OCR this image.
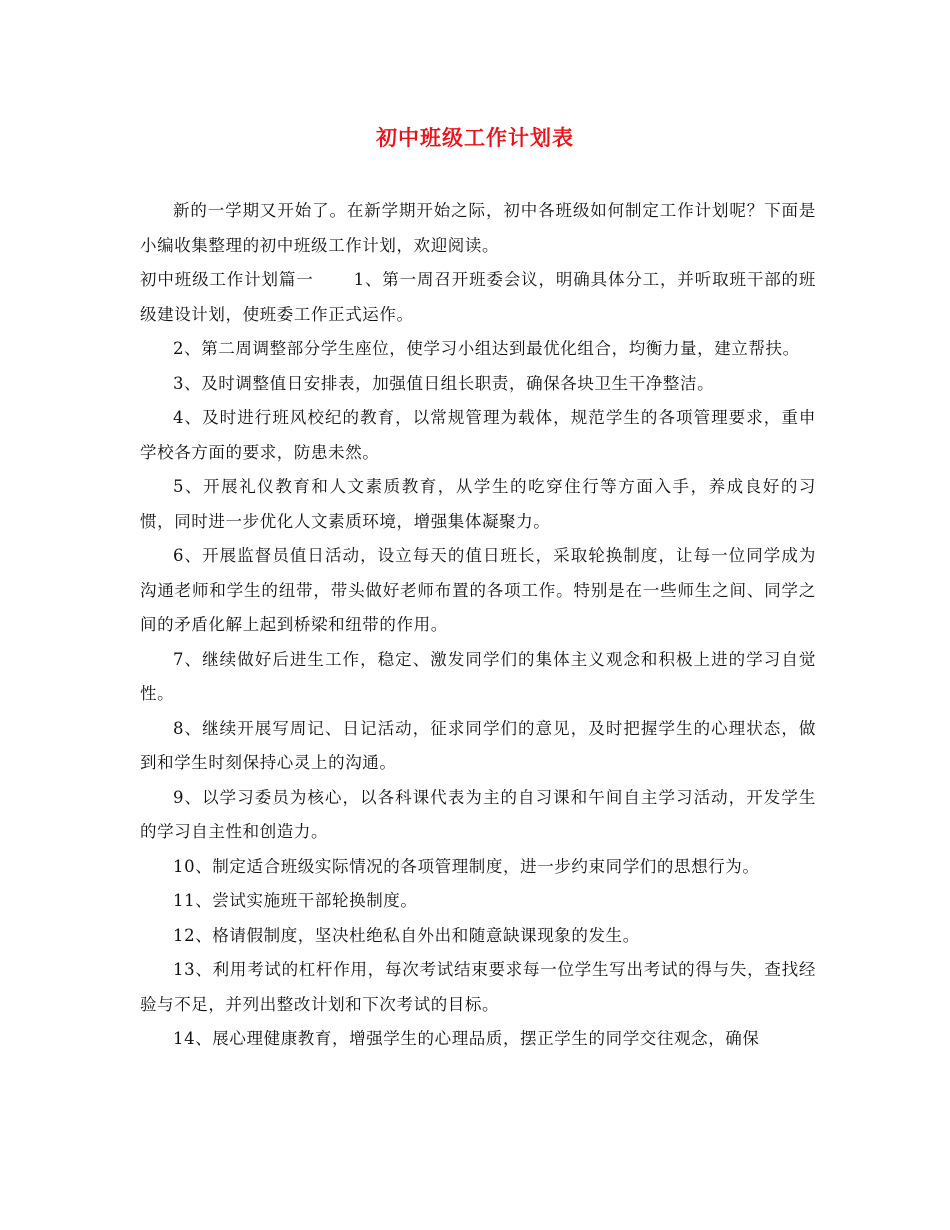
初中班级工作计划表

新的一学期又开始了。在新学期开始之际，初中各班级如何制定工作计划呢？下面是小编收集整理的初中班级工作计划，欢迎阅读。

初中班级工作计划篇一 1、第一周召开班委会议，明确具体分工，并听取班干部的班级建设计划，使班委工作正式运作。

2、第二周调整部分学生座位，使学习小组达到最优化组合，均衡力量，建立帮扶。

3、及时调整值日安排表，加强值日组长职责，确保各块卫生干净整洁。

4、及时进行班风校纪的教育，以常规管理为载体，规范学生的各项管理要求，重申学校各方面的要求，防患未然。

5、开展礼仪教育和人文素质教育，从学生的吃穿住行等方面入手，养成良好的习惯，同时进一步优化人文素质环境，增强集体凝聚力。

6、开展监督员值日活动，设立每天的值日班长，采取轮换制度，让每一位同学成为沟通老师和学生的纽带，带头做好老师布置的各项工作。特别是在一些师生之间、同学之间的矛盾化解上起到桥梁和纽带的作用。

7、继续做好后进生工作，稳定、激发同学们的集体主义观念和积极上进的学习自觉性。

8、继续开展写周记、日记活动，征求同学们的意见，及时把握学生的心理状态，做到和学生时刻保持心灵上的沟通。

9、以学习委员为核心，以各科课代表为主的自习课和午间自主学习活动，开发学生的学习自主性和创造力。

10、制定适合班级实际情况的各项管理制度，进一步约束同学们的思想行为。

11、尝试实施班干部轮换制度。

12、格请假制度，坚决杜绝私自外出和随意缺课现象的发生。

13、利用考试的杠杆作用，每次考试结束要求每一位学生写出考试的得与失，查找经验与不足，并列出整改计划和下次考试的目标。

14、展心理健康教育，增强学生的心理品质，摆正学生的同学交往观念，确保
